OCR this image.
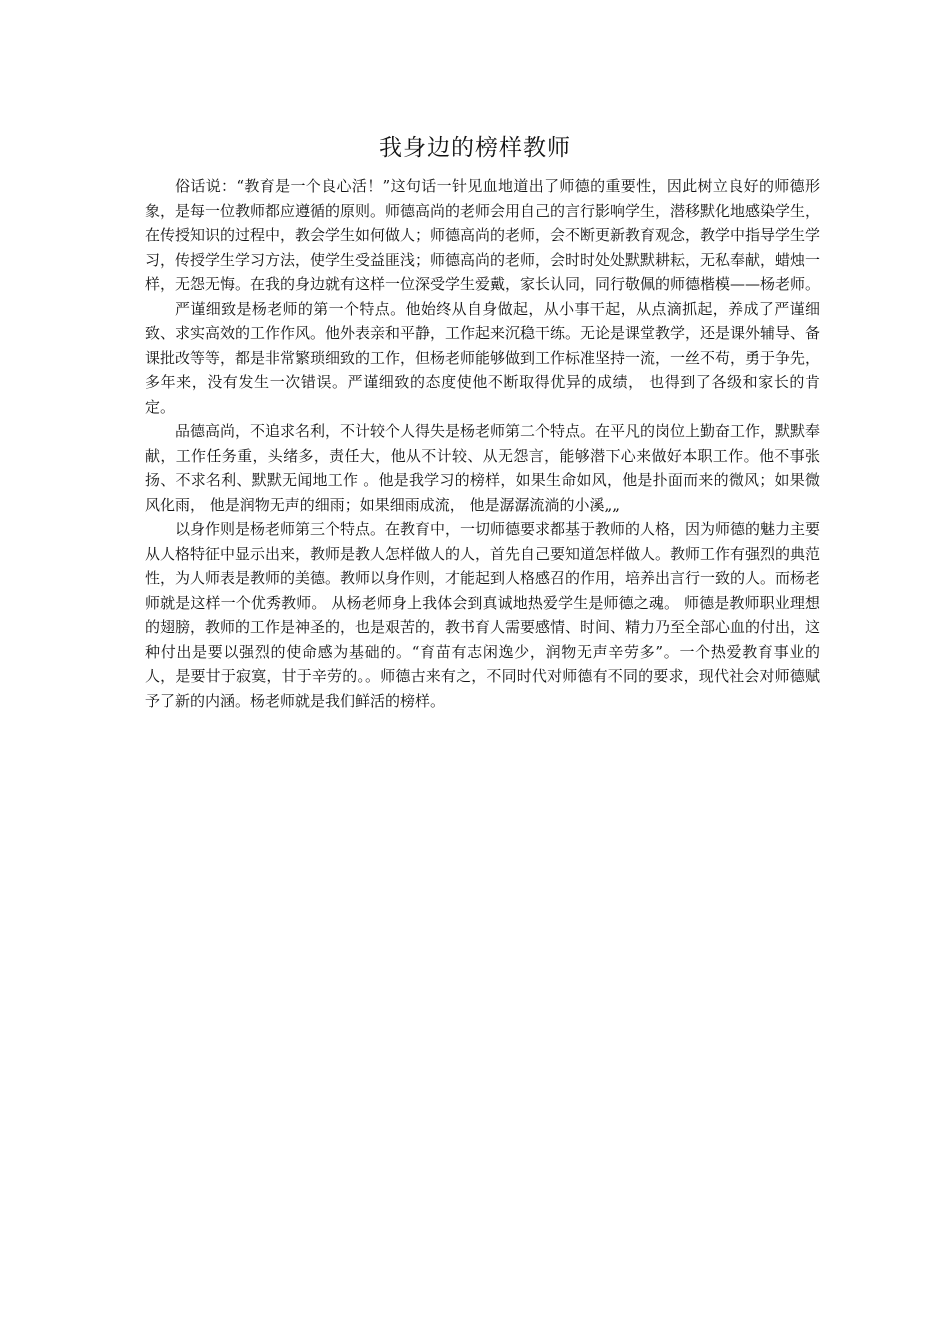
我身边的榜样教师

俗话说：“教育是一个良心活！”这句话一针见血地道出了师德的重要性，因此树立良好的师德形象，是每一位教师都应遵循的原则。师德高尚的老师会用自己的言行影响学生，潜移默化地感染学生，在传授知识的过程中，教会学生如何做人；师德高尚的老师，会不断更新教育观念，教学中指导学生学习，传授学生学习方法，使学生受益匪浅；师德高尚的老师，会时时处处默默耕耘，无私奉献，蜡烛一样，无怨无悔。在我的身边就有这样一位深受学生爱戴，家长认同，同行敬佩的师德楷模——杨老师。

严谨细致是杨老师的第一个特点。他始终从自身做起，从小事干起，从点滴抓起，养成了严谨细致、求实高效的工作作风。他外表亲和平静，工作起来沉稳干练。无论是课堂教学，还是课外辅导、备课批改等等，都是非常繁琐细致的工作，但杨老师能够做到工作标准坚持一流，一丝不苟，勇于争先，多年来，没有发生一次错误。严谨细致的态度使他不断取得优异的成绩， 也得到了各级和家长的肯定。

品德高尚，不追求名利，不计较个人得失是杨老师第二个特点。在平凡的岗位上勤奋工作，默默奉献，工作任务重，头绪多，责任大，他从不计较、从无怨言，能够潜下心来做好本职工作。他不事张扬、不求名利、默默无闻地工作 。他是我学习的榜样，如果生命如风，他是扑面而来的微风；如果微风化雨， 他是润物无声的细雨；如果细雨成流， 他是潺潺流淌的小溪„„

以身作则是杨老师第三个特点。在教育中，一切师德要求都基于教师的人格，因为师德的魅力主要从人格特征中显示出来，教师是教人怎样做人的人，首先自己要知道怎样做人。教师工作有强烈的典范性，为人师表是教师的美德。教师以身作则，才能起到人格感召的作用，培养出言行一致的人。而杨老师就是这样一个优秀教师。 从杨老师身上我体会到真诚地热爱学生是师德之魂。 师德是教师职业理想的翅膀，教师的工作是神圣的，也是艰苦的，教书育人需要感情、时间、精力乃至全部心血的付出，这种付出是要以强烈的使命感为基础的。“育苗有志闲逸少，润物无声辛劳多”。一个热爱教育事业的人，是要甘于寂寞，甘于辛劳的。。师德古来有之，不同时代对师德有不同的要求，现代社会对师德赋予了新的内涵。杨老师就是我们鲜活的榜样。
